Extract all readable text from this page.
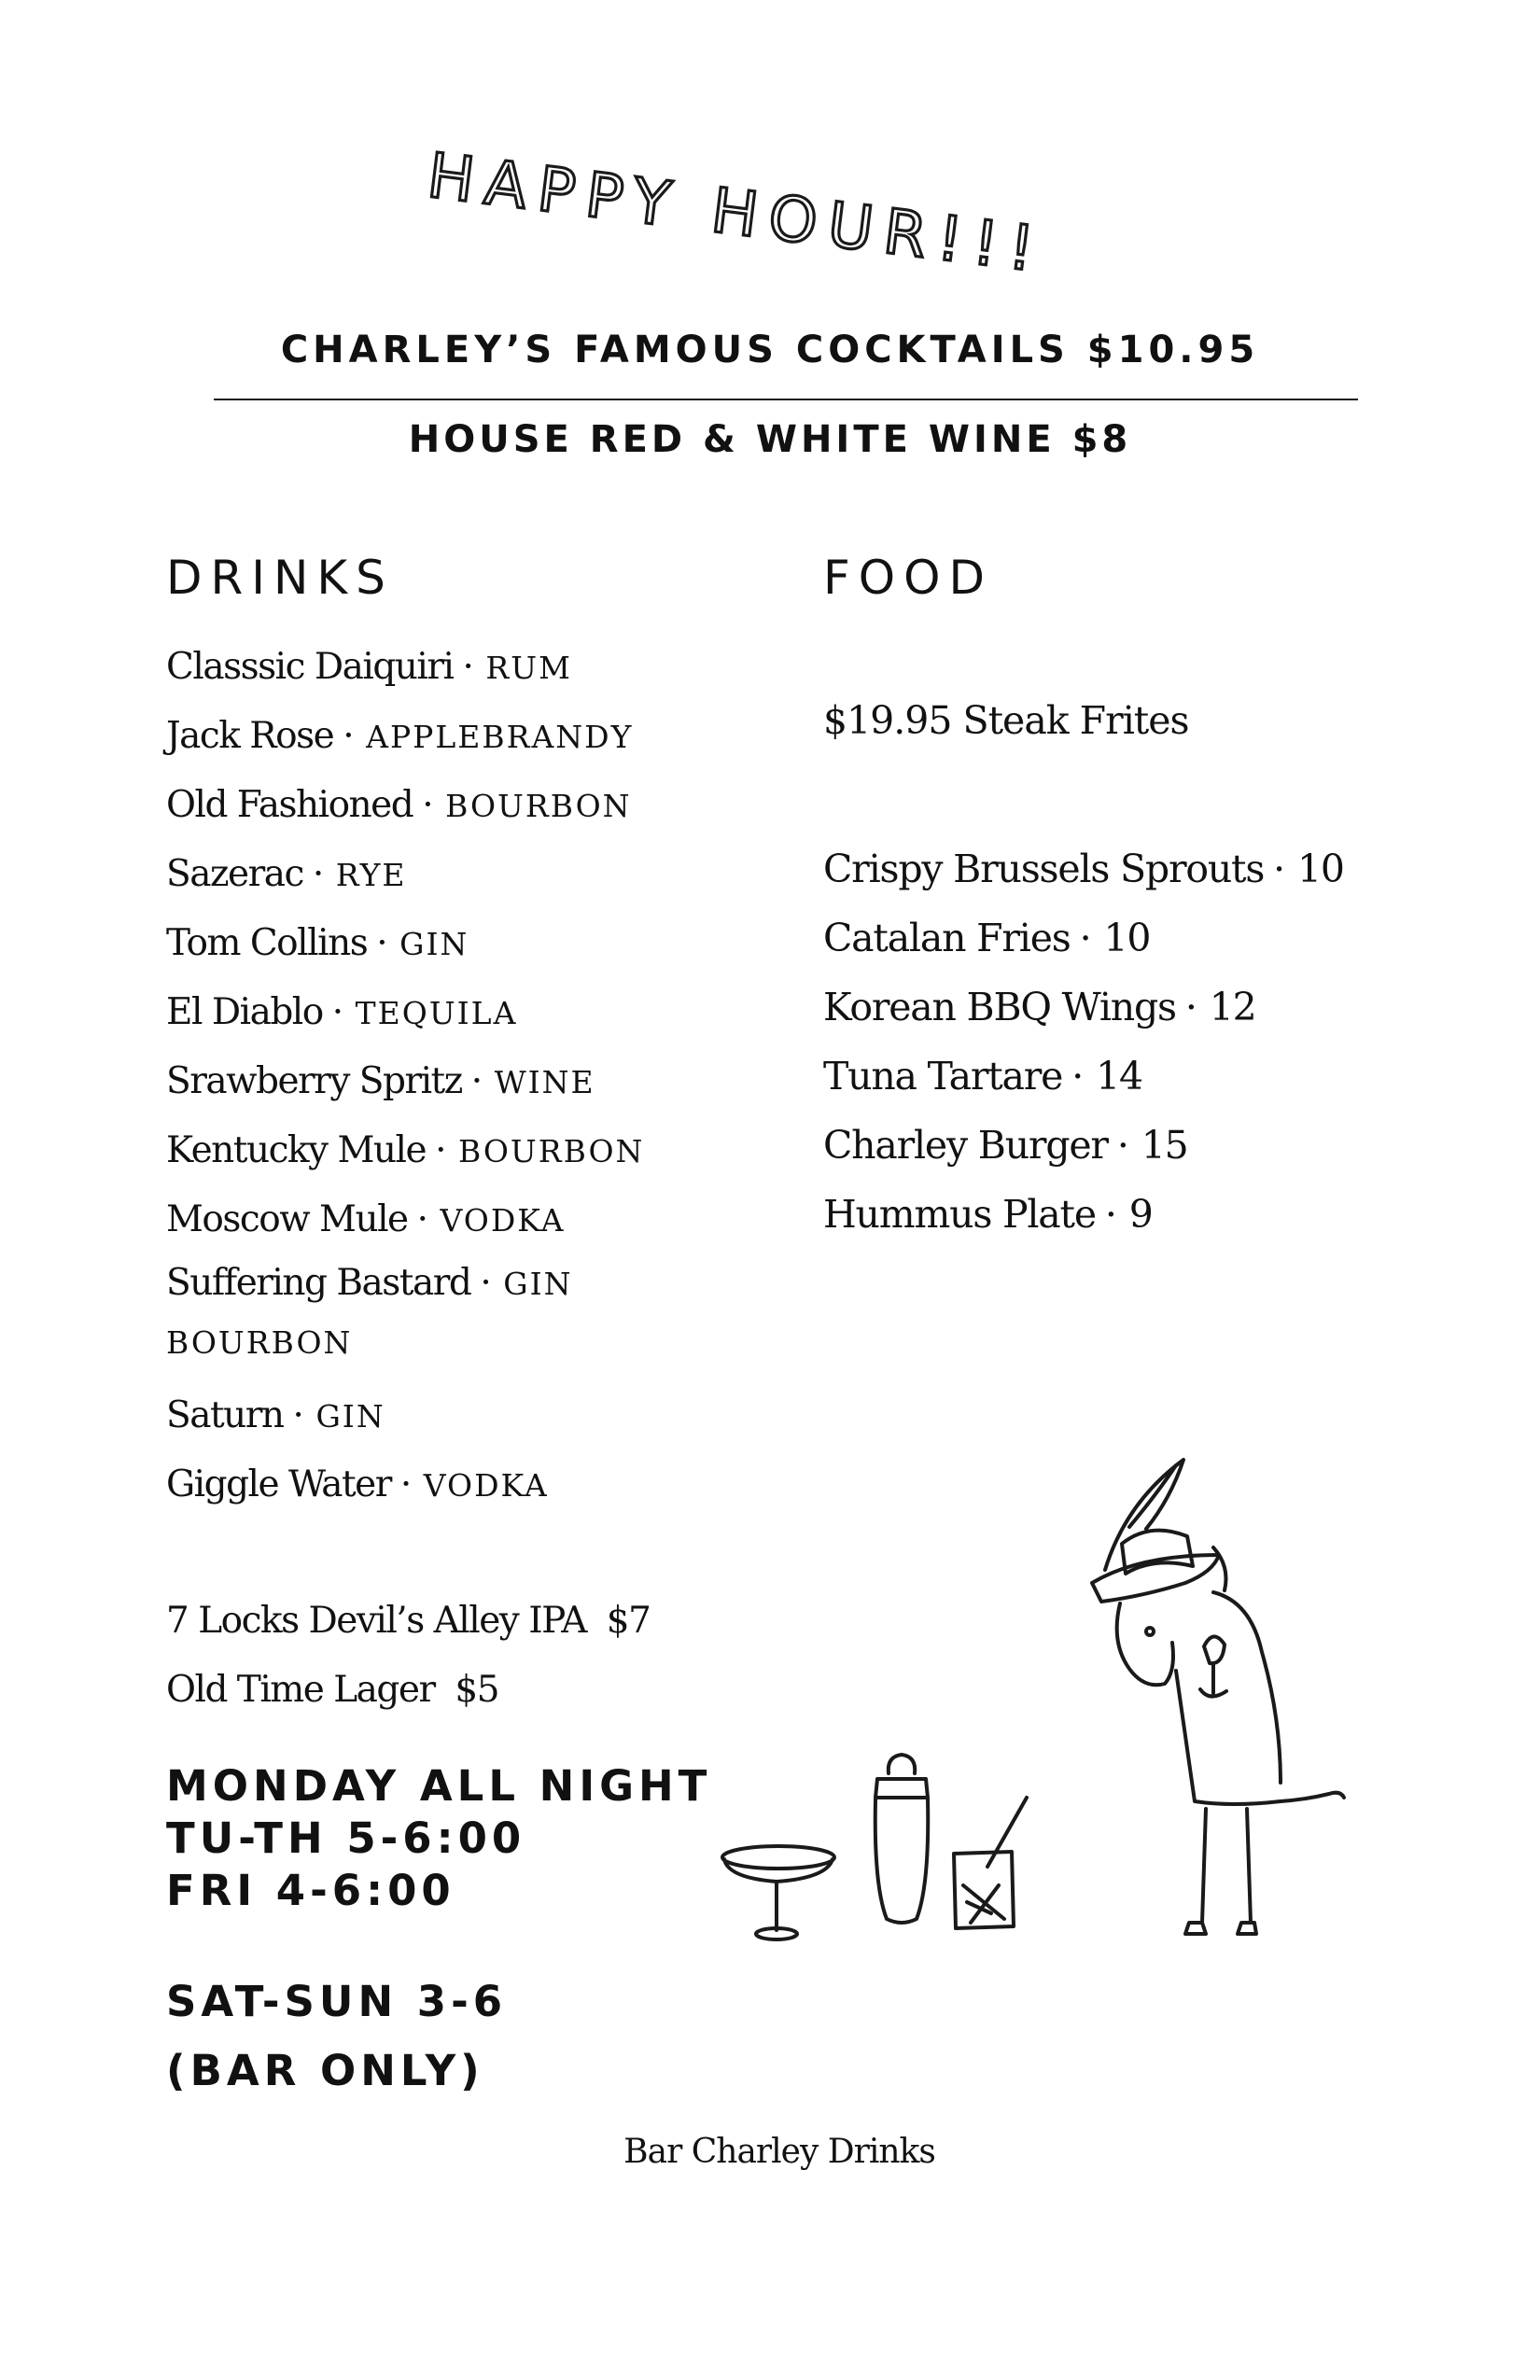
HAPPY HOUR!!!
CHARLEY’S FAMOUS COCKTAILS $10.95
HOUSE RED & WHITE WINE $8
DRINKS	FOOD
Classsic Daiquiri · RUM
Jack Rose · APPLEBRANDY
Old Fashioned · BOURBON
Sazerac · RYE
Tom Collins · GIN
El Diablo · TEQUILA
Srawberry Spritz · WINE
Kentucky Mule · BOURBON
Moscow Mule · VODKA
Suffering Bastard · GIN
BOURBON
Saturn · GIN
Giggle Water · VODKA
7 Locks Devil’s Alley IPA $7
Old Time Lager $5
$19.95 Steak Frites
Crispy Brussels Sprouts · 10
Catalan Fries · 10
Korean BBQ Wings · 12
Tuna Tartare · 14
Charley Burger · 15
Hummus Plate · 9
MONDAY ALL NIGHT
TU-TH 5-6:00
FRI 4-6:00
SAT-SUN 3-6
(BAR ONLY)
Bar Charley Drinks
